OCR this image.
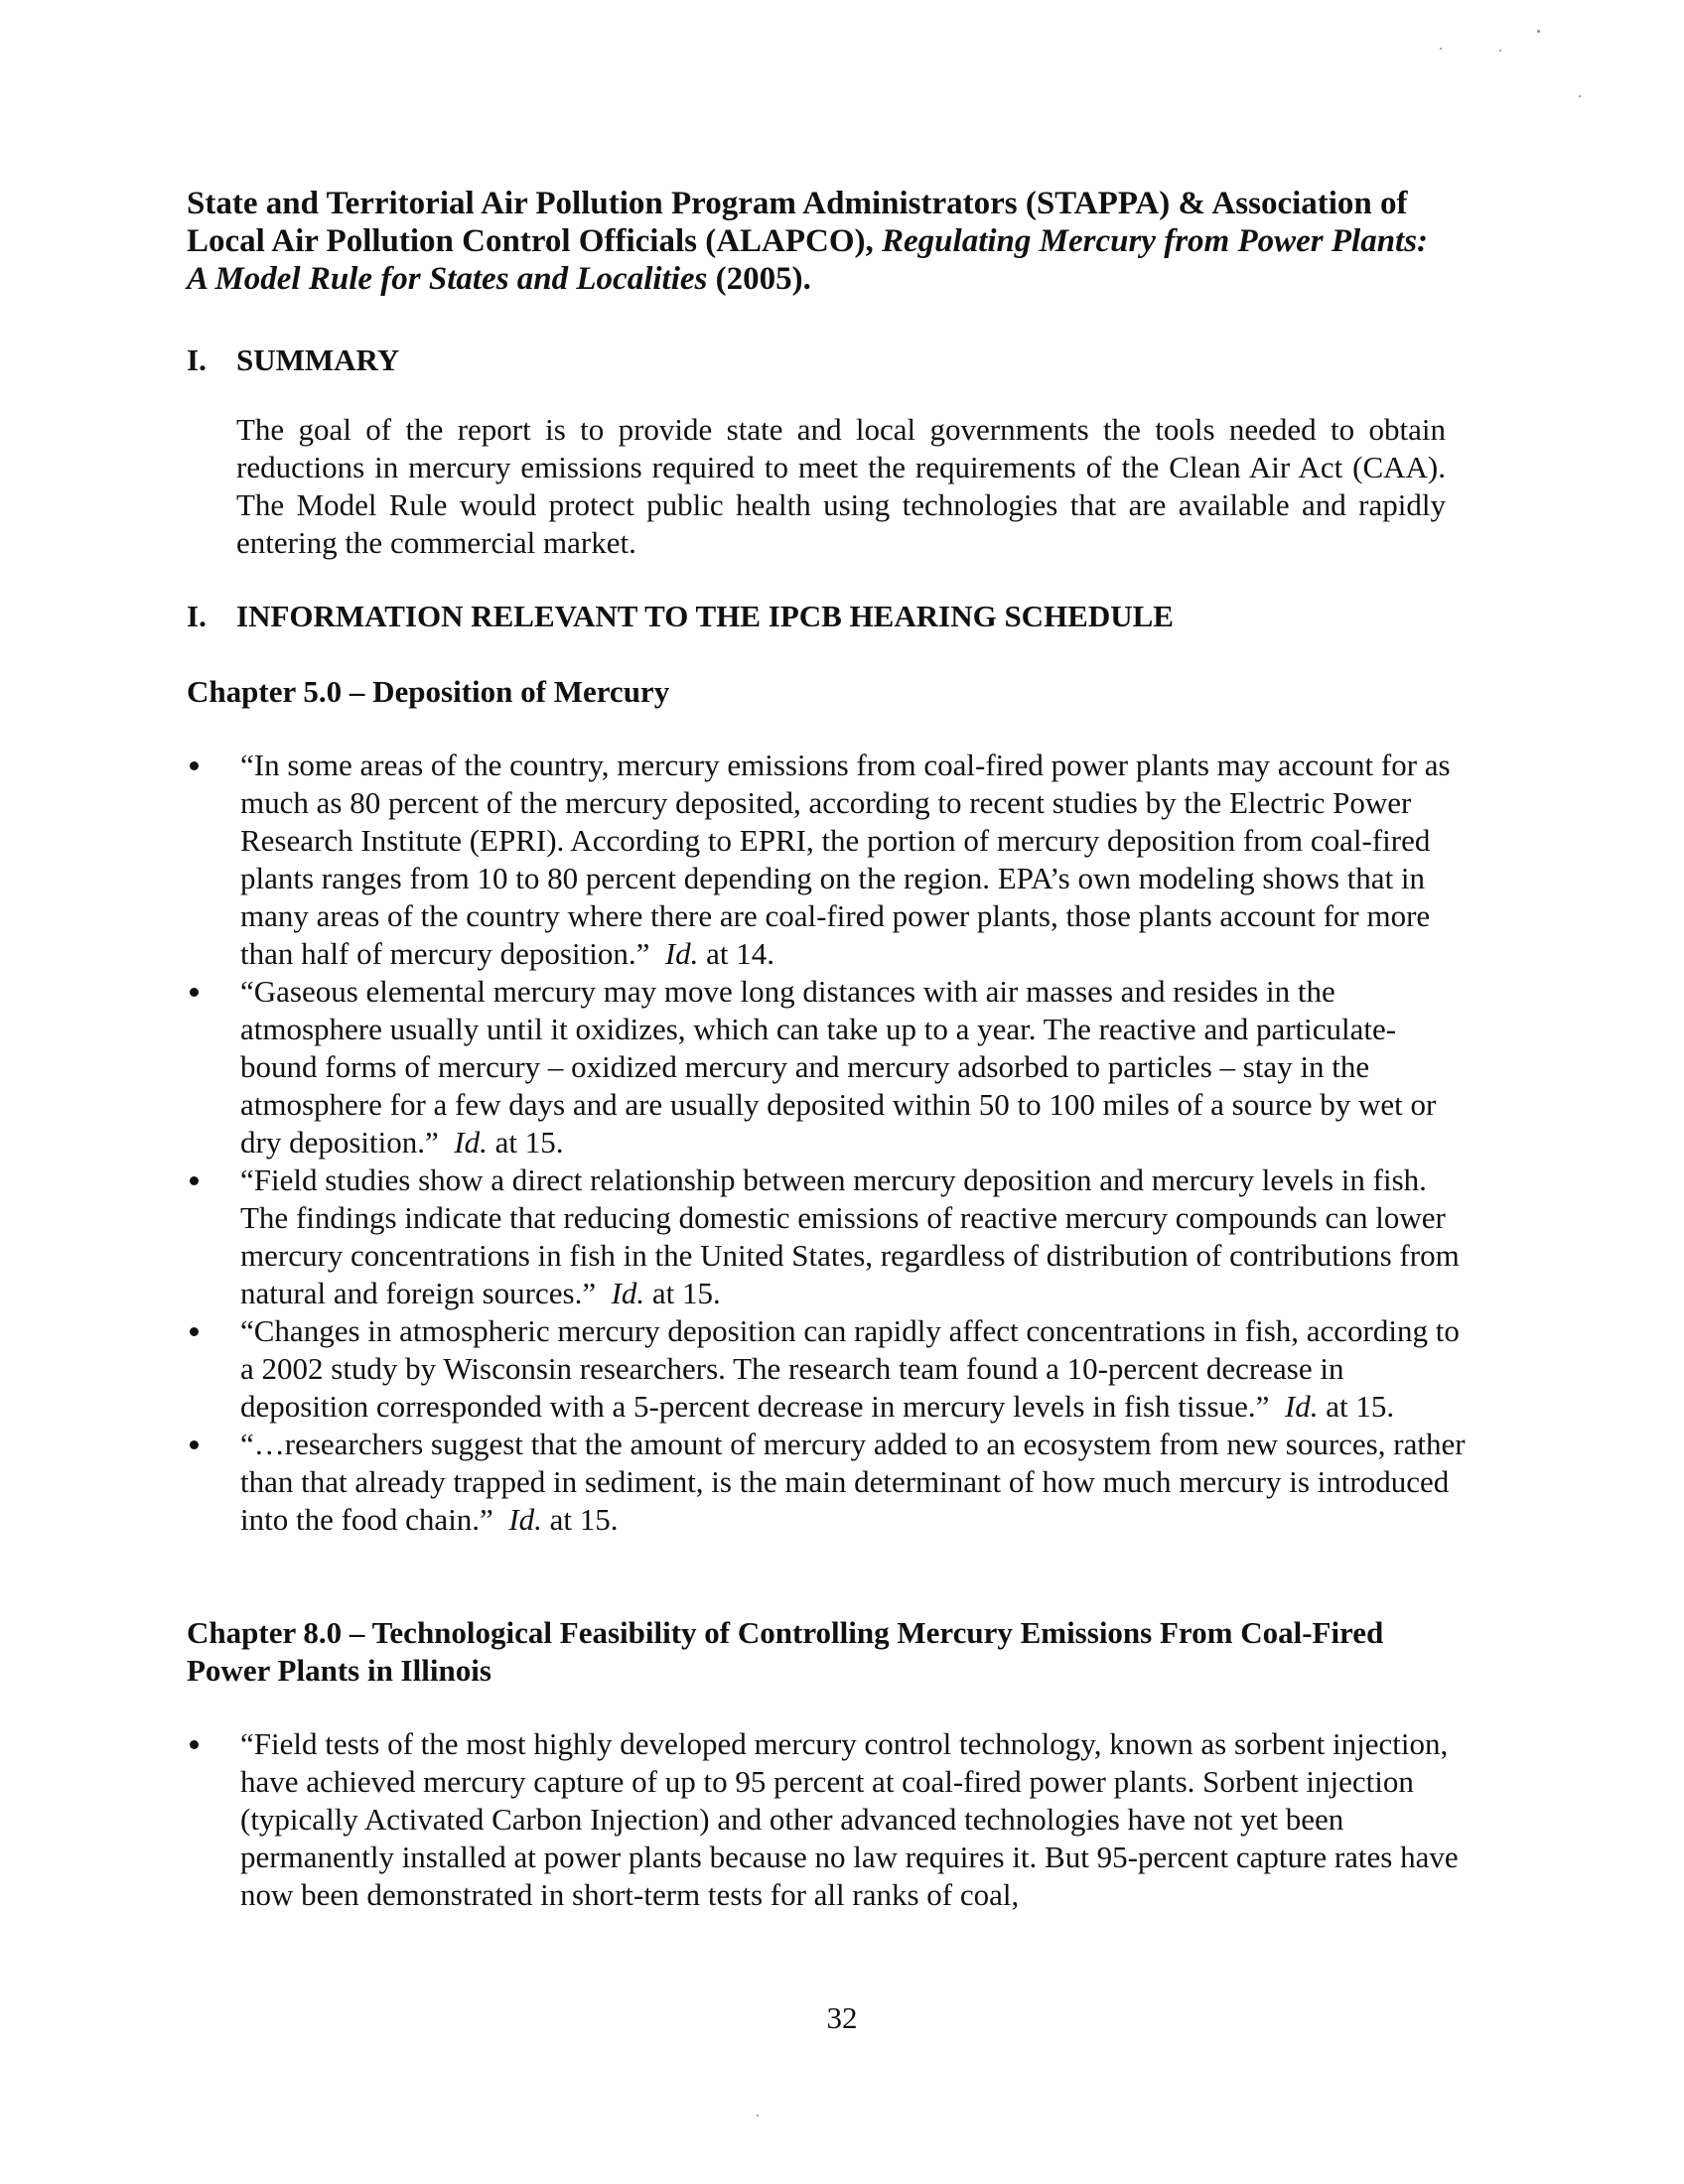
State and Territorial Air Pollution Program Administrators (STAPPA) & Association of Local Air Pollution Control Officials (ALAPCO), Regulating Mercury from Power Plants: A Model Rule for States and Localities (2005).

I. SUMMARY

The goal of the report is to provide state and local governments the tools needed to obtain reductions in mercury emissions required to meet the requirements of the Clean Air Act (CAA). The Model Rule would protect public health using technologies that are available and rapidly entering the commercial market.

I. INFORMATION RELEVANT TO THE IPCB HEARING SCHEDULE
Chapter 5.0 – Deposition of Mercury
“In some areas of the country, mercury emissions from coal-fired power plants may account for as much as 80 percent of the mercury deposited, according to recent studies by the Electric Power Research Institute (EPRI). According to EPRI, the portion of mercury deposition from coal-fired plants ranges from 10 to 80 percent depending on the region. EPA’s own modeling shows that in many areas of the country where there are coal-fired power plants, those plants account for more than half of mercury deposition.” Id. at 14.
“Gaseous elemental mercury may move long distances with air masses and resides in the atmosphere usually until it oxidizes, which can take up to a year. The reactive and particulate-bound forms of mercury – oxidized mercury and mercury adsorbed to particles – stay in the atmosphere for a few days and are usually deposited within 50 to 100 miles of a source by wet or dry deposition.” Id. at 15.
“Field studies show a direct relationship between mercury deposition and mercury levels in fish. The findings indicate that reducing domestic emissions of reactive mercury compounds can lower mercury concentrations in fish in the United States, regardless of distribution of contributions from natural and foreign sources.” Id. at 15.
“Changes in atmospheric mercury deposition can rapidly affect concentrations in fish, according to a 2002 study by Wisconsin researchers. The research team found a 10-percent decrease in deposition corresponded with a 5-percent decrease in mercury levels in fish tissue.” Id. at 15.
“…researchers suggest that the amount of mercury added to an ecosystem from new sources, rather than that already trapped in sediment, is the main determinant of how much mercury is introduced into the food chain.” Id. at 15.
Chapter 8.0 – Technological Feasibility of Controlling Mercury Emissions From Coal-Fired Power Plants in Illinois
“Field tests of the most highly developed mercury control technology, known as sorbent injection, have achieved mercury capture of up to 95 percent at coal-fired power plants. Sorbent injection (typically Activated Carbon Injection) and other advanced technologies have not yet been permanently installed at power plants because no law requires it. But 95-percent capture rates have now been demonstrated in short-term tests for all ranks of coal,
32
